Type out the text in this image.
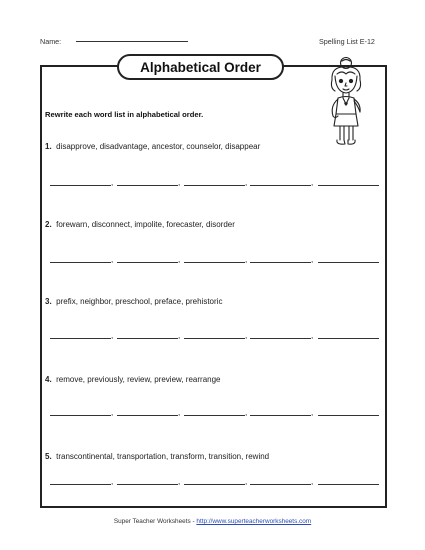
Name:	Spelling List E-12
Alphabetical Order
Rewrite each word list in alphabetical order.
1. disapprove, disadvantage, ancestor, counselor, disappear
,	,	,	,
2. forewarn, disconnect, impolite, forecaster, disorder
,	,	,	,
3. prefix, neighbor, preschool, preface, prehistoric
,	,	,	,
4. remove, previously, review, preview, rearrange
,	,	,	,
5. transcontinental, transportation, transform, transition, rewind
,	,	,	,
Super Teacher Worksheets - http://www.superteacherworksheets.com
